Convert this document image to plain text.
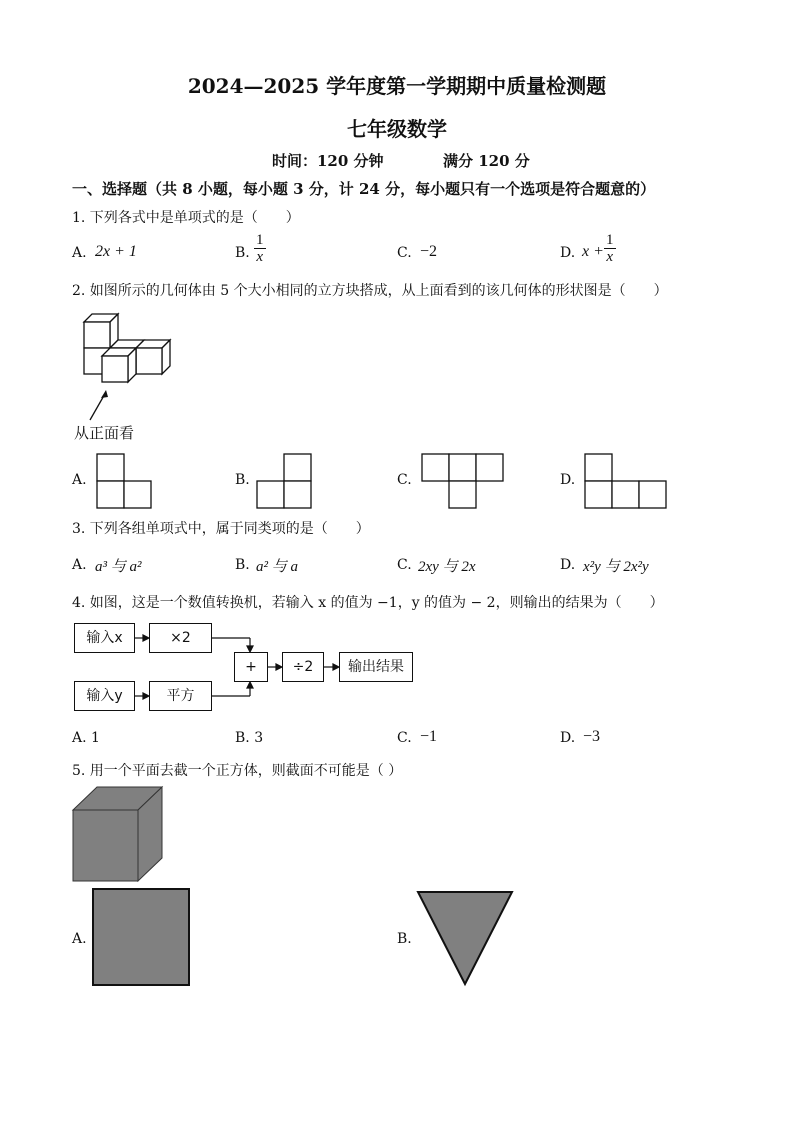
2024—2025 学年度第一学期期中质量检测题
七年级数学
时间：120 分钟	满分 120 分
一、选择题（共 8 小题，每小题 3 分，计 24 分，每小题只有一个选项是符合题意的）
1. 下列各式中是单项式的是（　　）
A. 2x + 1	B. $\frac{1}{x}$	C. −2	D. $x + \frac{1}{x}$
2. 如图所示的几何体由 5 个大小相同的立方块搭成，从上面看到的该几何体的形状图是（　　）
从正面看
A.	B.	C.	D.
3. 下列各组单项式中，属于同类项的是（　　）
A. a³ 与 a²	B. a² 与 a	C. 2xy 与 2x	D. x²y 与 2x²y
4. 如图，这是一个数值转换机，若输入 x 的值为 −1，y 的值为 − 2，则输出的结果为（　　）
输入x	×2
+	÷2	输出结果
输入y	平方
A. 1	B. 3	C. −1	D. −3
5. 用一个平面去截一个正方体，则截面不可能是（ ）
A.	B.
